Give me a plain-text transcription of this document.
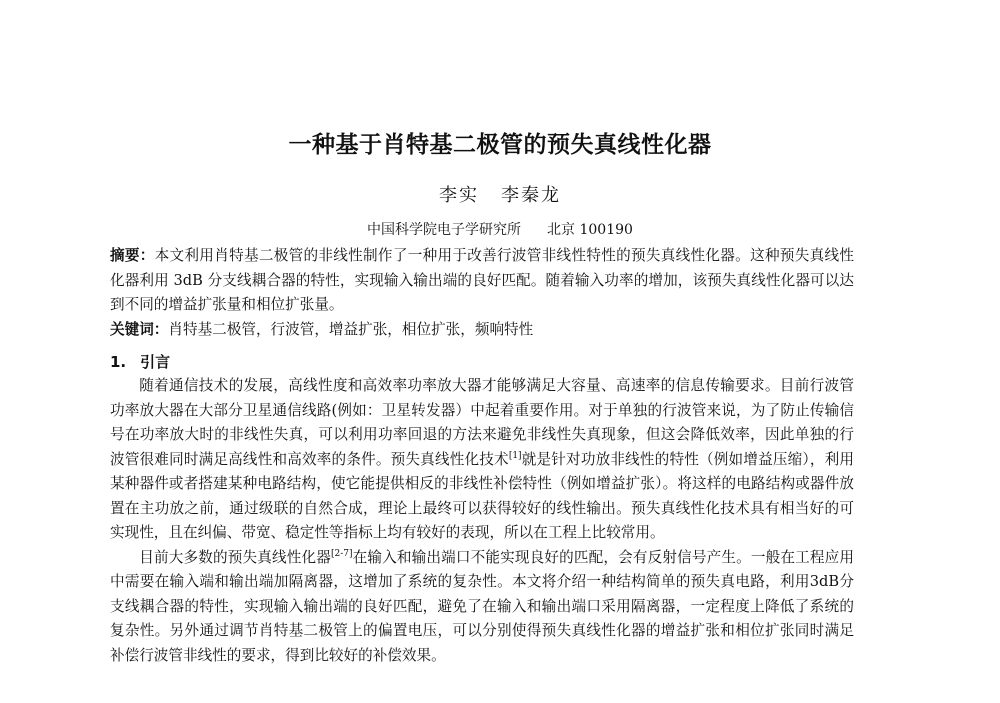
一种基于肖特基二极管的预失真线性化器
李实 李秦龙
中国科学院电子学研究所 北京 100190

摘要：本文利用肖特基二极管的非线性制作了一种用于改善行波管非线性特性的预失真线性化器。这种预失真线性化器利用 3dB 分支线耦合器的特性，实现输入输出端的良好匹配。随着输入功率的增加，该预失真线性化器可以达到不同的增益扩张量和相位扩张量。

关键词：肖特基二极管，行波管，增益扩张，相位扩张，频响特性

1. 引言

随着通信技术的发展，高线性度和高效率功率放大器才能够满足大容量、高速率的信息传输要求。目前行波管功率放大器在大部分卫星通信线路(例如：卫星转发器）中起着重要作用。对于单独的行波管来说，为了防止传输信号在功率放大时的非线性失真，可以利用功率回退的方法来避免非线性失真现象，但这会降低效率，因此单独的行波管很难同时满足高线性和高效率的条件。预失真线性化技术[1]就是针对功放非线性的特性（例如增益压缩），利用某种器件或者搭建某种电路结构，使它能提供相反的非线性补偿特性（例如增益扩张）。将这样的电路结构或器件放置在主功放之前，通过级联的自然合成，理论上最终可以获得较好的线性输出。预失真线性化技术具有相当好的可实现性，且在纠偏、带宽、稳定性等指标上均有较好的表现，所以在工程上比较常用。

目前大多数的预失真线性化器[2-7]在输入和输出端口不能实现良好的匹配，会有反射信号产生。一般在工程应用中需要在输入端和输出端加隔离器，这增加了系统的复杂性。本文将介绍一种结构简单的预失真电路，利用3dB分支线耦合器的特性，实现输入输出端的良好匹配，避免了在输入和输出端口采用隔离器，一定程度上降低了系统的复杂性。另外通过调节肖特基二极管上的偏置电压，可以分别使得预失真线性化器的增益扩张和相位扩张同时满足补偿行波管非线性的要求，得到比较好的补偿效果。
